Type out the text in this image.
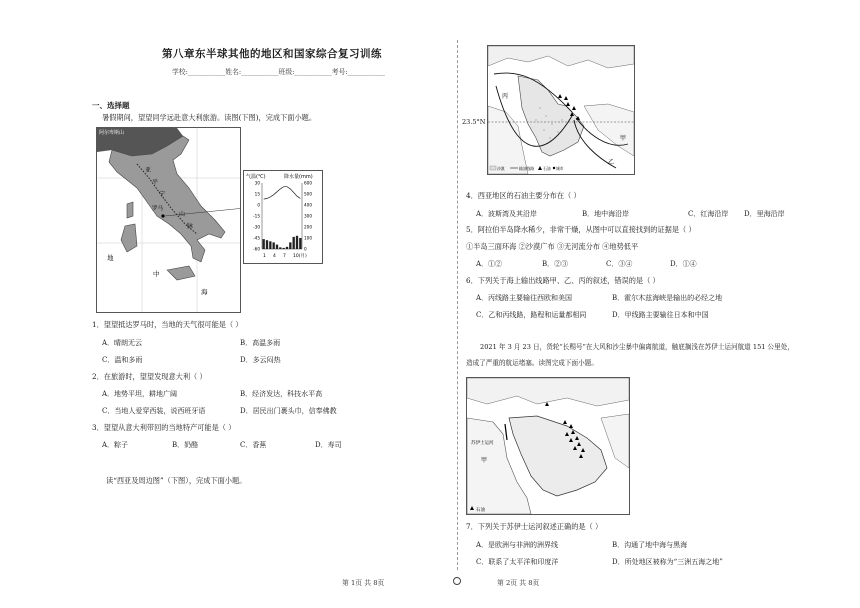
第八章东半球其他的地区和国家综合复习训练
学校:___________姓名:___________班级:___________考号:___________
一、选择题
暑假期间，望望同学远赴意大利旅游。读图(下图)，完成下面小题。
阿尔卑斯山
亚
平
宁
山
脉
罗马
地
中
海
气温(℃)	降水量(mm)
30
15
0
-15
-30
-45
-60
600
500
400
300
200
100
0
1 4 7 10(月)
1．望望抵达罗马时，当地的天气很可能是（ ）
A．晴朗无云	B．高温多雨
C．温和多雨	D．多云闷热
2．在旅游时，望望发现意大利（ ）
A．地势平坦，耕地广阔	B．经济发达，科技水平高
C．当地人爱穿西装，说西班牙语	D．居民出门裹头巾，信奉佛教
3．望望从意大利带回的当地特产可能是（ ）
A．粽子	B．奶酪	C．香蕉	D．寿司
读“西亚及周边图”（下图），完成下面小题。
23.5°N
甲
乙
丙
沙漠	输油线路 石油 城市
4．西亚地区的石油主要分布在（ ）
A．波斯湾及其沿岸	B．地中海沿岸	C．红海沿岸 D．里海沿岸
5．阿拉伯半岛降水稀少，非常干燥，从图中可以直接找到的证据是（ ）
①半岛三面环海 ②沙漠广布 ③无河流分布 ④地势低平
A．①②	B．②③	C．③④	D．①④
6．下列关于海上输出线路甲、乙、丙的叙述，错误的是（ ）
A．丙线路主要输往西欧和美国	B．霍尔木兹海峡是输出的必经之地
C．乙和丙线路，路程和运量都相同	D．甲线路主要输往日本和中国
2021 年 3 月 23 日，货轮“长赐号”在大风和沙尘暴中偏离航道，触底搁浅在苏伊士运河航道 151 公里处，
造成了严重的航运堵塞。读图完成下面小题。
苏伊士运河
甲
石油
7．下列关于苏伊士运河叙述正确的是（ ）
A．是欧洲与非洲的洲界线	B．沟通了地中海与黑海
C．联系了太平洋和印度洋	D．所处地区被称为“三洲五海之地”
第 1页 共 8页	第 2页 共 8页
